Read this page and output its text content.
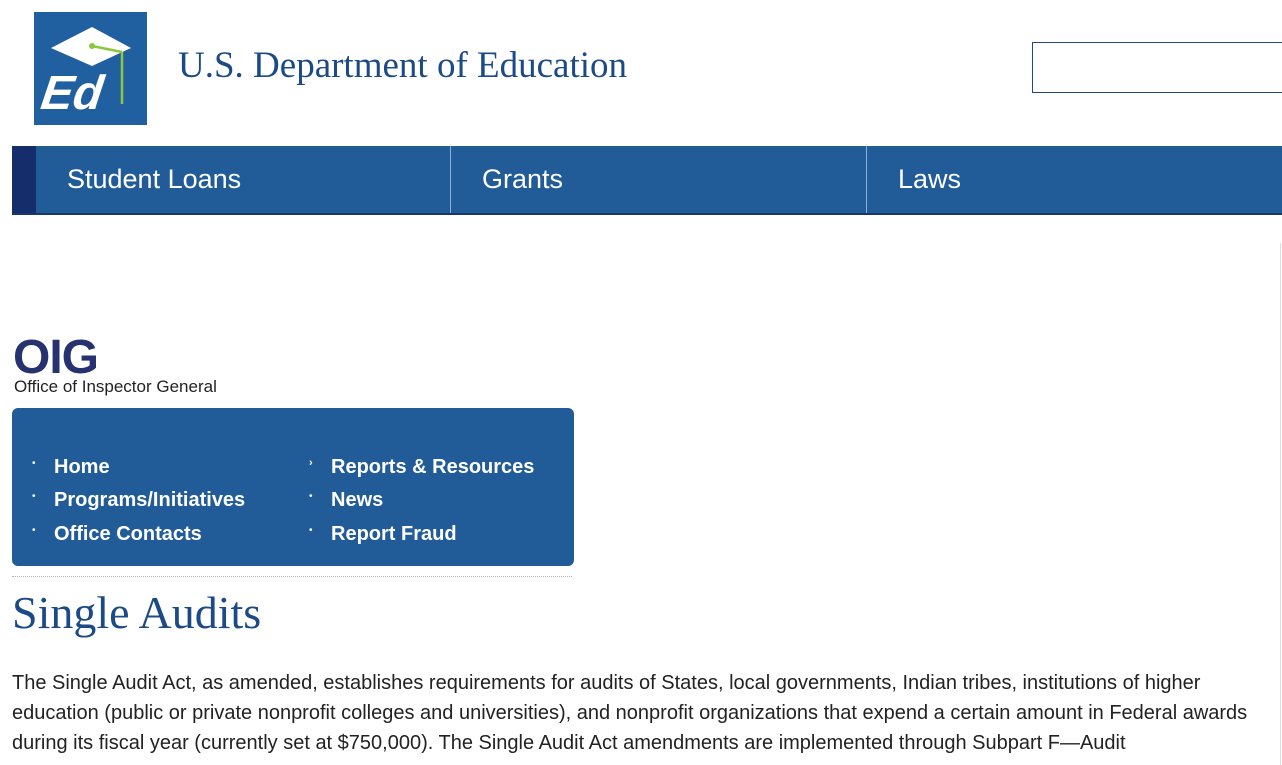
Ed
U.S. Department of Education
Student Loans	Grants	Laws
OIG
Office of Inspector General
• Home
• Programs/Initiatives
• Office Contacts
› Reports & Resources
• News
• Report Fraud
Single Audits

The Single Audit Act, as amended, establishes requirements for audits of States, local governments, Indian tribes, institutions of higher education (public or private nonprofit colleges and universities), and nonprofit organizations that expend a certain amount in Federal awards during its fiscal year (currently set at $750,000). The Single Audit Act amendments are implemented through Subpart F—Audit
